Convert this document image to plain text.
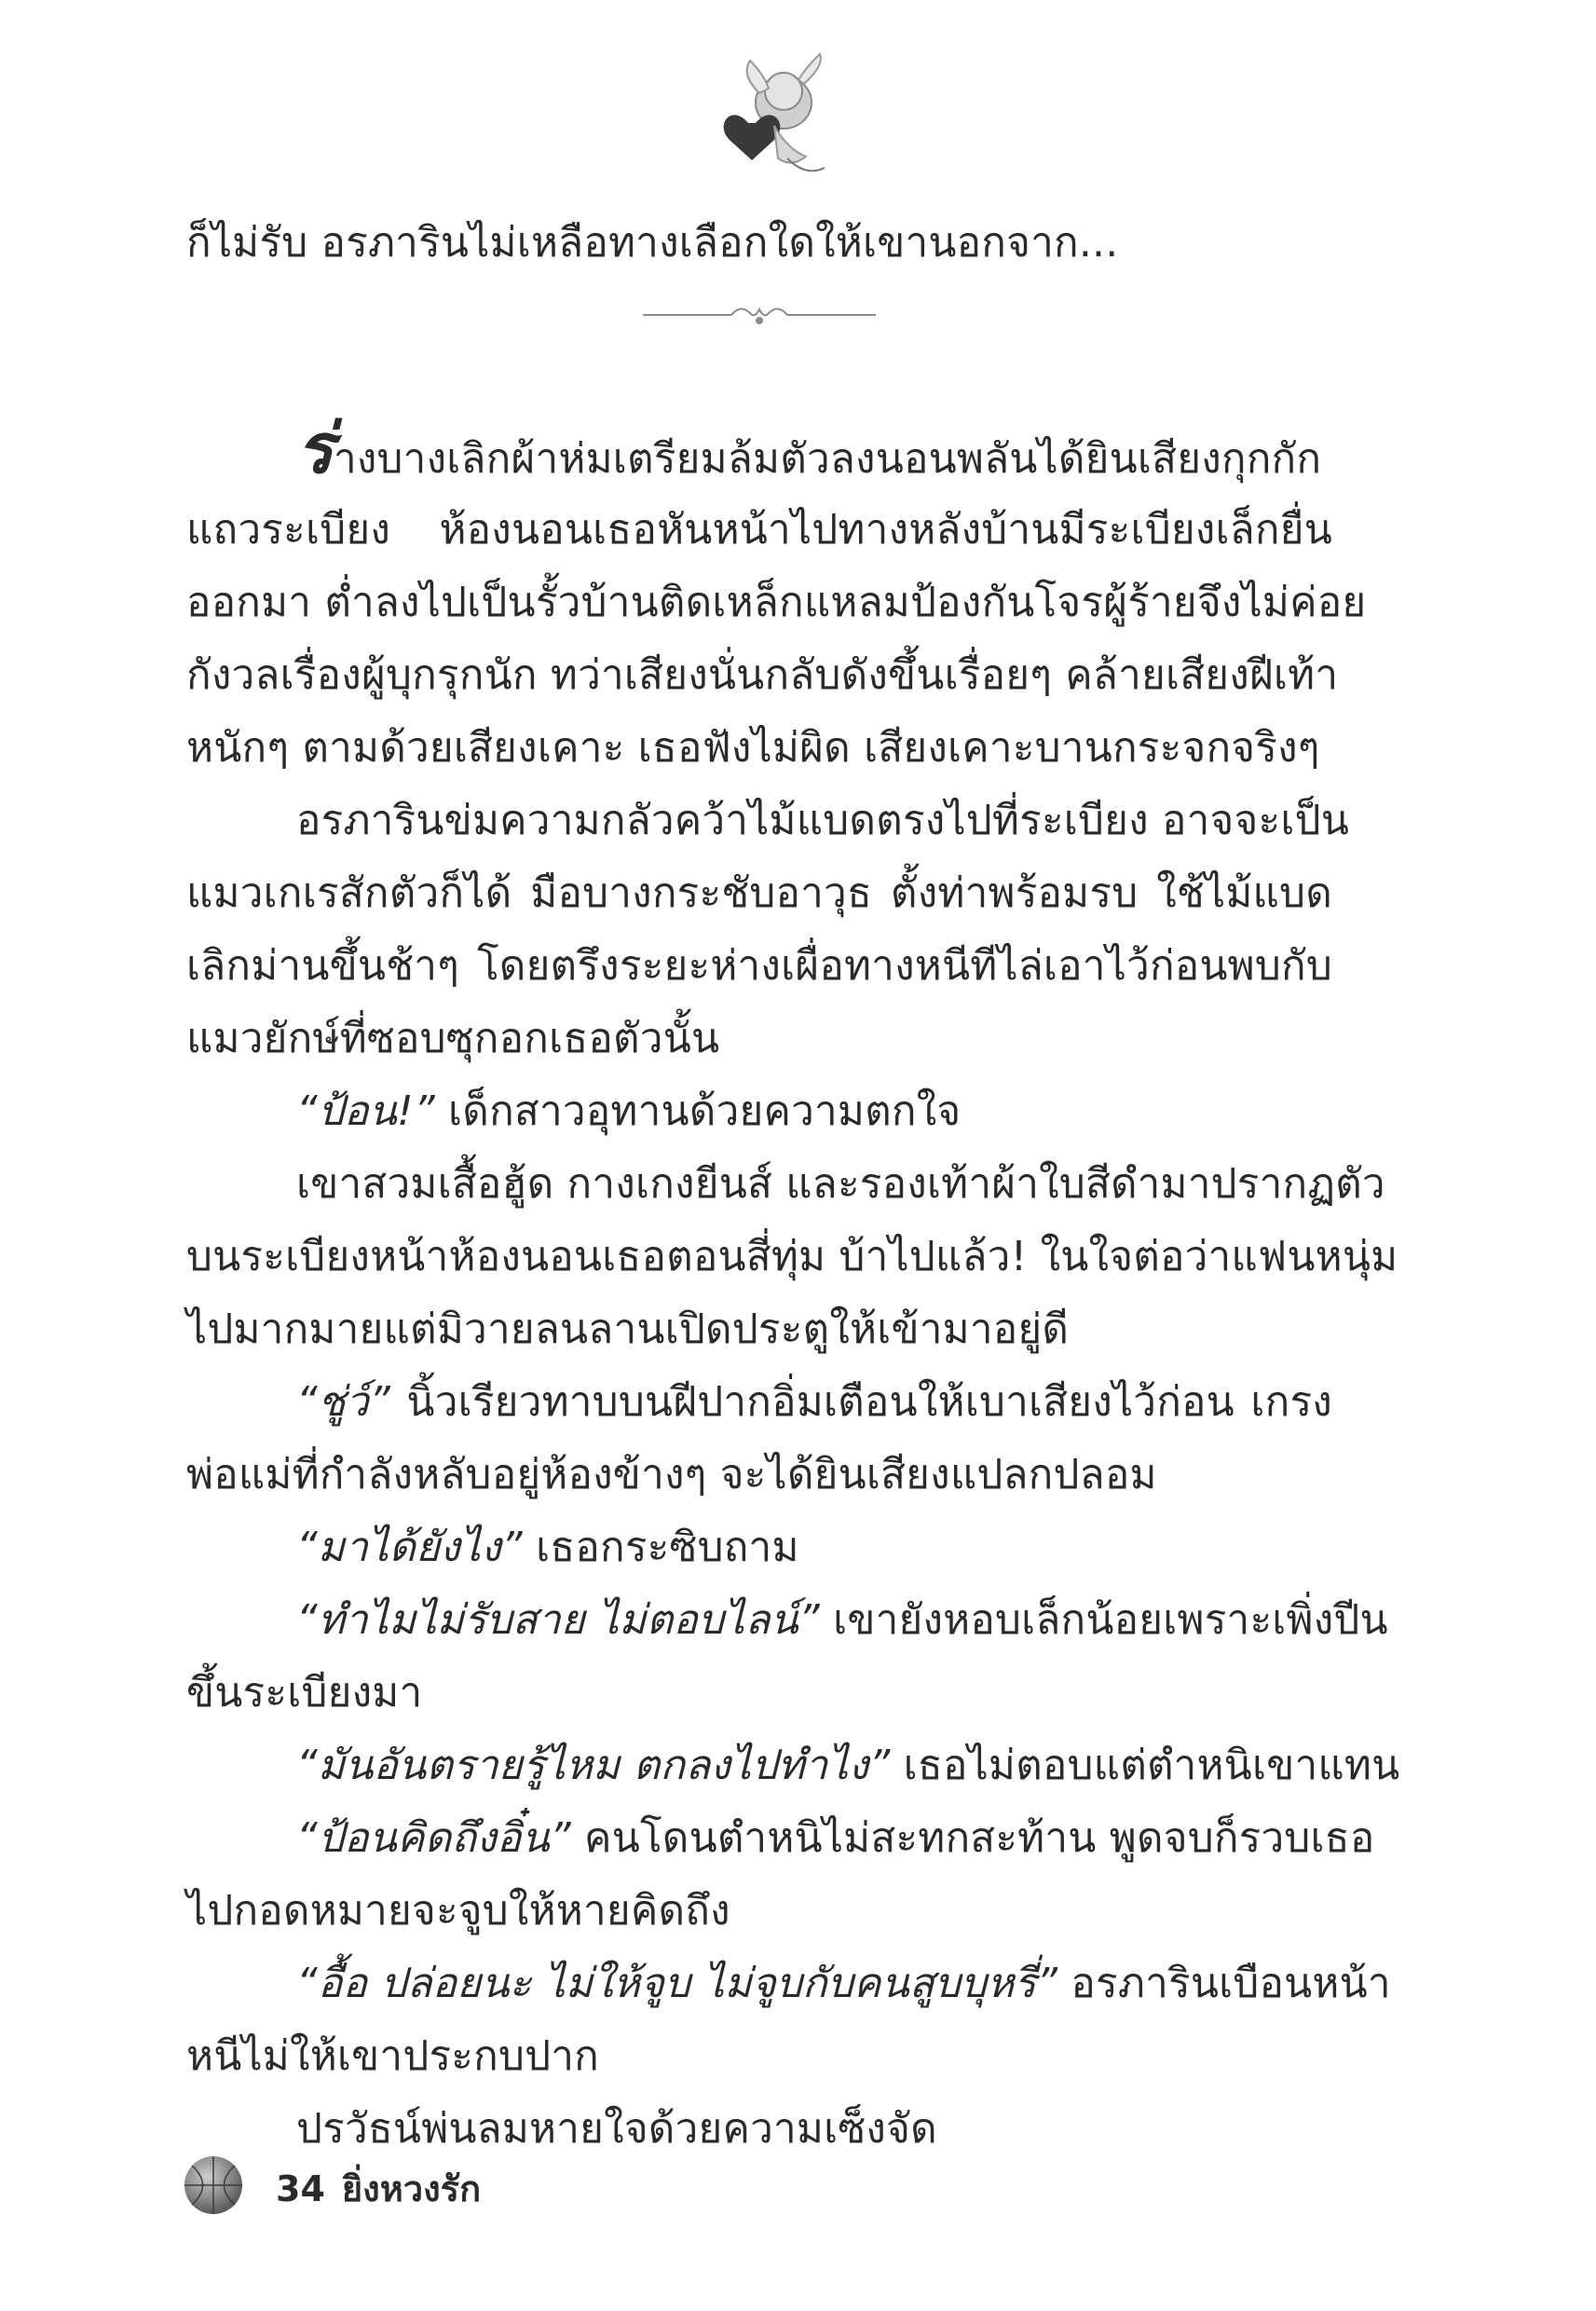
ก็ไม่รับ อรภารินไม่เหลือทางเลือกใดให้เขานอกจาก...
ร่างบางเลิกผ้าห่มเตรียมล้มตัวลงนอนพลันได้ยินเสียงกุกกัก
แถวระเบียง ห้องนอนเธอหันหน้าไปทางหลังบ้านมีระเบียงเล็กยื่น
ออกมา ต่ำลงไปเป็นรั้วบ้านติดเหล็กแหลมป้องกันโจรผู้ร้ายจึงไม่ค่อย
กังวลเรื่องผู้บุกรุกนัก ทว่าเสียงนั่นกลับดังขึ้นเรื่อยๆ คล้ายเสียงฝีเท้า
หนักๆ ตามด้วยเสียงเคาะ เธอฟังไม่ผิด เสียงเคาะบานกระจกจริงๆ
อรภารินข่มความกลัวคว้าไม้แบดตรงไปที่ระเบียง อาจจะเป็น
แมวเกเรสักตัวก็ได้ มือบางกระชับอาวุธ ตั้งท่าพร้อมรบ ใช้ไม้แบด
เลิกม่านขึ้นช้าๆ โดยตรึงระยะห่างเผื่อทางหนีทีไล่เอาไว้ก่อนพบกับ
แมวยักษ์ที่ซอบซุกอกเธอตัวนั้น
“ป้อน!” เด็กสาวอุทานด้วยความตกใจ
เขาสวมเสื้อฮู้ด กางเกงยีนส์ และรองเท้าผ้าใบสีดำมาปรากฏตัว
บนระเบียงหน้าห้องนอนเธอตอนสี่ทุ่ม บ้าไปแล้ว! ในใจต่อว่าแฟนหนุ่ม
ไปมากมายแต่มิวายลนลานเปิดประตูให้เข้ามาอยู่ดี
“ชู่ว์” นิ้วเรียวทาบบนฝีปากอิ่มเตือนให้เบาเสียงไว้ก่อน เกรง
พ่อแม่ที่กำลังหลับอยู่ห้องข้างๆ จะได้ยินเสียงแปลกปลอม
“มาได้ยังไง” เธอกระซิบถาม
“ทำไมไม่รับสาย ไม่ตอบไลน์” เขายังหอบเล็กน้อยเพราะเพิ่งปีน
ขึ้นระเบียงมา
“มันอันตรายรู้ไหม ตกลงไปทำไง” เธอไม่ตอบแต่ตำหนิเขาแทน
“ป้อนคิดถึงอิ๋น” คนโดนตำหนิไม่สะทกสะท้าน พูดจบก็รวบเธอ
ไปกอดหมายจะจูบให้หายคิดถึง
“อื้อ ปล่อยนะ ไม่ให้จูบ ไม่จูบกับคนสูบบุหรี่” อรภารินเบือนหน้า
หนีไม่ให้เขาประกบปาก
ปรวัธน์พ่นลมหายใจด้วยความเซ็งจัด
34 ยิ่งหวงรัก
